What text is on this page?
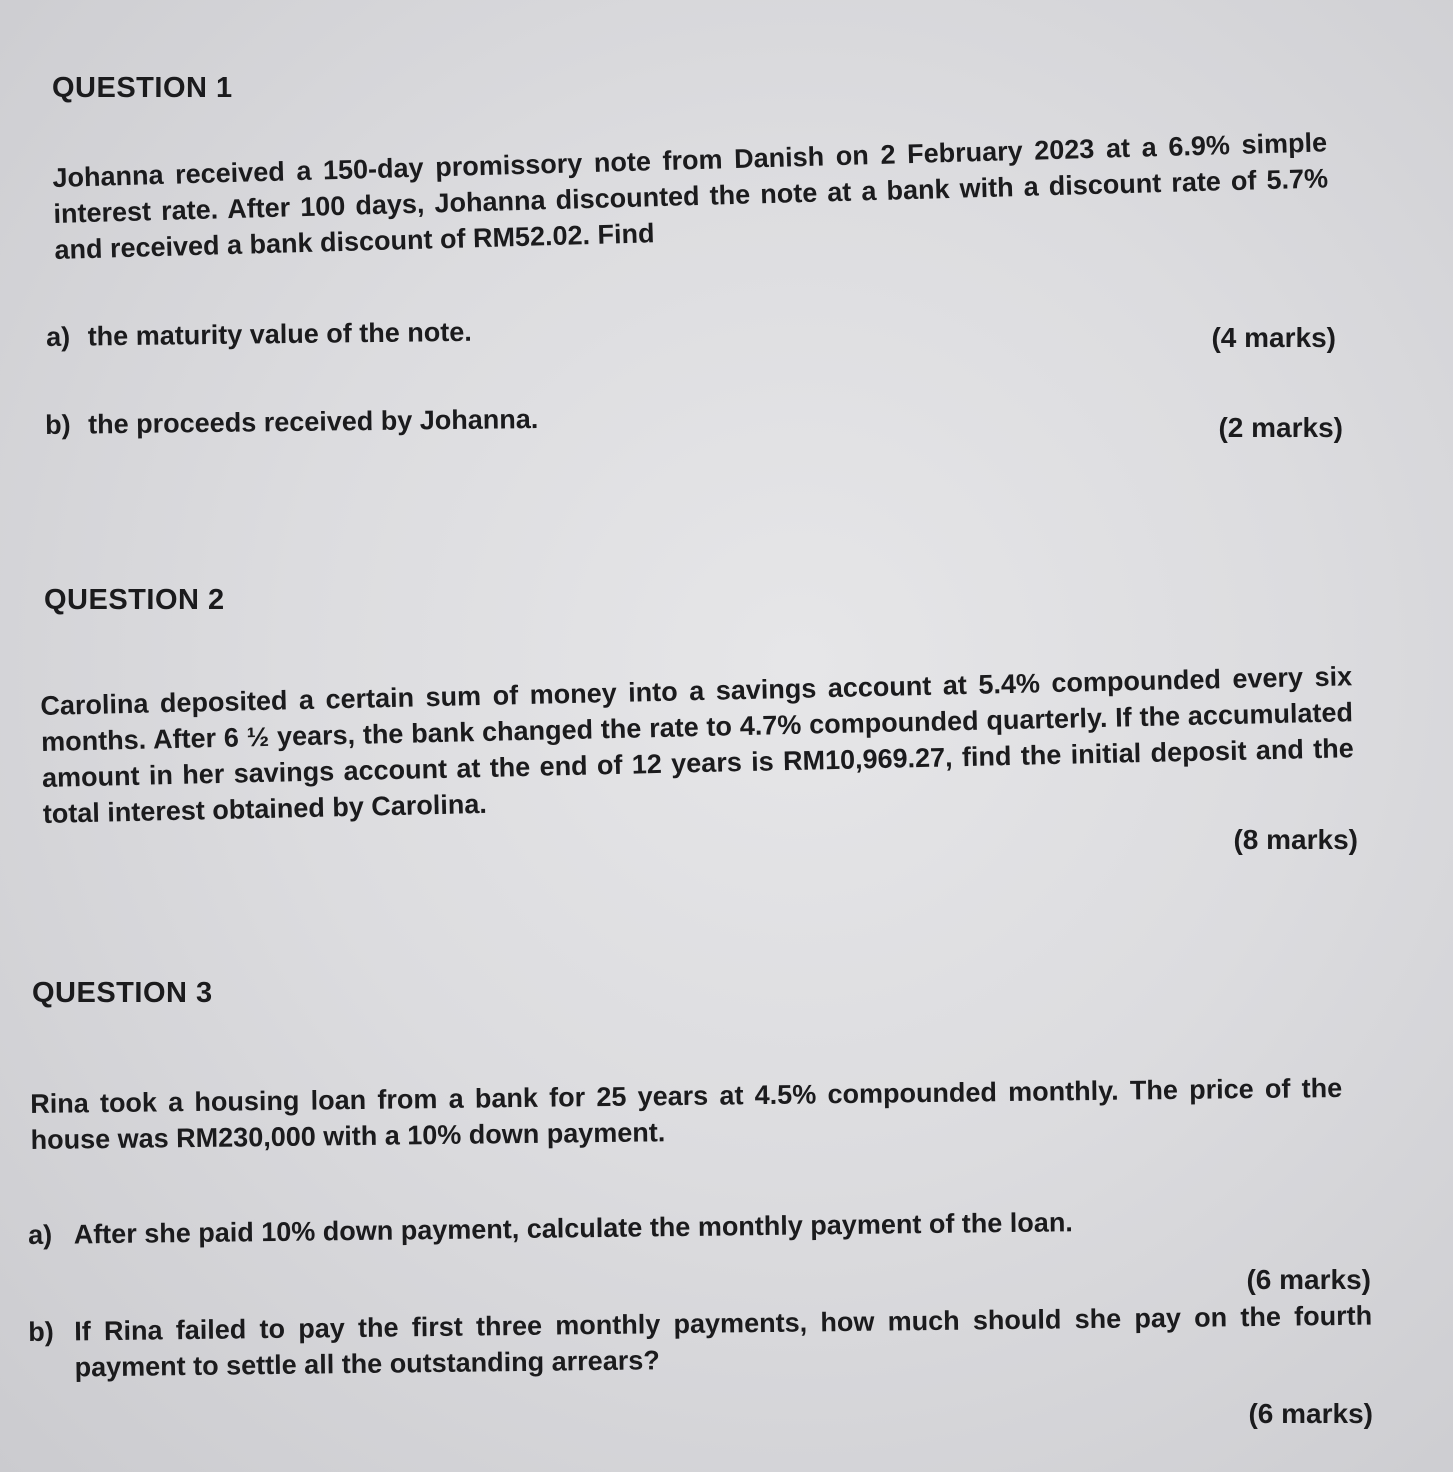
QUESTION 1
Johanna received a 150-day promissory note from Danish on 2 February 2023 at a 6.9% simple interest rate. After 100 days, Johanna discounted the note at a bank with a discount rate of 5.7% and received a bank discount of RM52.02. Find
a) the maturity value of the note.	(4 marks)
b) the proceeds received by Johanna.	(2 marks)
QUESTION 2
Carolina deposited a certain sum of money into a savings account at 5.4% compounded every six months. After 6 ½ years, the bank changed the rate to 4.7% compounded quarterly. If the accumulated amount in her savings account at the end of 12 years is RM10,969.27, find the initial deposit and the total interest obtained by Carolina.
(8 marks)
QUESTION 3
Rina took a housing loan from a bank for 25 years at 4.5% compounded monthly. The price of the house was RM230,000 with a 10% down payment.
a) After she paid 10% down payment, calculate the monthly payment of the loan.
(6 marks)
b) If Rina failed to pay the first three monthly payments, how much should she pay on the fourth payment to settle all the outstanding arrears?
(6 marks)
